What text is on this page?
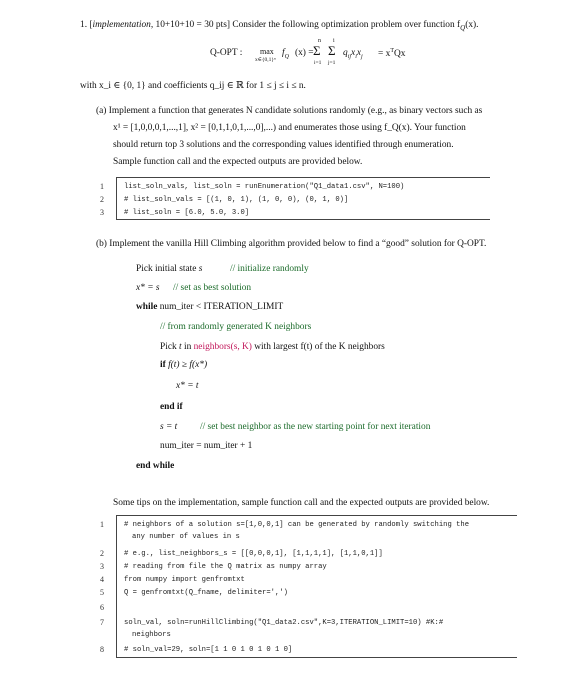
1. [implementation, 10+10+10 = 30 pts] Consider the following optimization problem over function $f_Q(x)$.
Q-OPT : max
x∈{0,1}ⁿ
$f_Q$ (x) =
n
Σ
i=1
i
Σ
j=1
$q_{ij}x_ix_j = x^TQx$
with x_i ∈ {0, 1} and coefficients q_ij ∈ ℝ for 1 ≤ j ≤ i ≤ n.
(a) Implement a function that generates N candidate solutions randomly (e.g., as binary vectors such as
x¹ = [1,0,0,0,1,...,1], x² = [0,1,1,0,1,...,0],...) and enumerates those using f_Q(x). Your function
should return top 3 solutions and the corresponding values identified through enumeration.
Sample function call and the expected outputs are provided below.
1	list_soln_vals, list_soln = runEnumeration("Q1_data1.csv", N=100)
2	# list_soln_vals = [(1, 0, 1), (1, 0, 0), (0, 1, 0)]
3	# list_soln = [6.0, 5.0, 3.0]
(b) Implement the vanilla Hill Climbing algorithm provided below to find a “good” solution for Q-OPT.
Pick initial state s	// initialize randomly
x* = s // set as best solution
while num_iter < ITERATION_LIMIT
// from randomly generated K neighbors
Pick t in neighbors(s, K) with largest f(t) of the K neighbors
if f(t) ≥ f(x*)
x* = t
end if
s = t // set best neighbor as the new starting point for next iteration
num_iter = num_iter + 1
end while
Some tips on the implementation, sample function call and the expected outputs are provided below.
1	# neighbors of a solution s=[1,0,0,1] can be generated by randomly switching the
any number of values in s
2	# e.g., list_neighbors_s = [[0,0,0,1], [1,1,1,1], [1,1,0,1]]
3	# reading from file the Q matrix as numpy array
4	from numpy import genfromtxt
5	Q = genfromtxt(Q_fname, delimiter=',')
6
7	soln_val, soln=runHillClimbing("Q1_data2.csv",K=3,ITERATION_LIMIT=10) #K:#
neighbors
8	# soln_val=29, soln=[1 1 0 1 0 1 0 1 0]
